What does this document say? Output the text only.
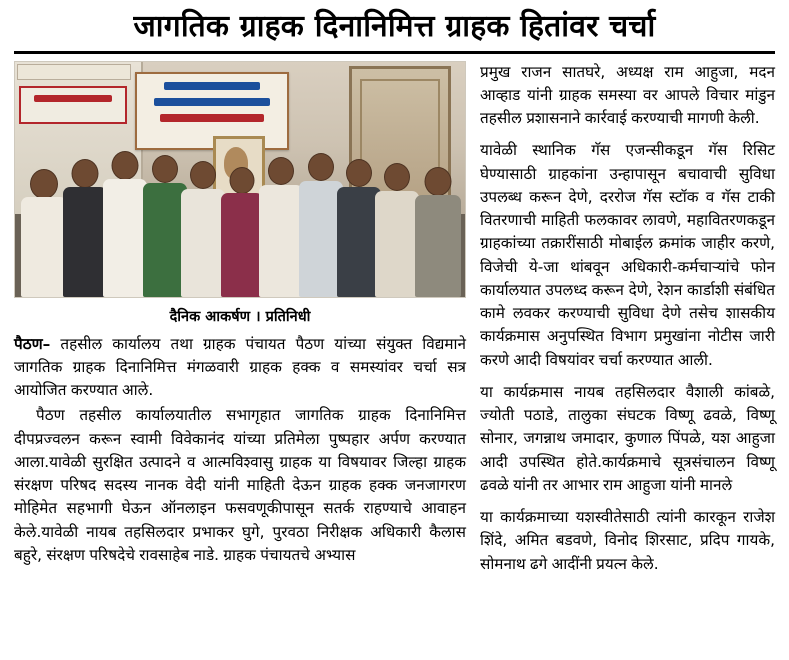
जागतिक ग्राहक दिनानिमित्त ग्राहक हितांवर चर्चा
दैनिक आकर्षण । प्रतिनिधी

पैठण– तहसील कार्यालय तथा ग्राहक पंचायत पैठण यांच्या संयुक्त विद्यमाने जागतिक ग्राहक दिनानिमित्त मंगळवारी ग्राहक हक्क व समस्यांवर चर्चा सत्र आयोजित करण्यात आले.

पैठण तहसील कार्यालयातील सभागृहात जागतिक ग्राहक दिनानिमित्त दीपप्रज्वलन करून स्वामी विवेकानंद यांच्या प्रतिमेला पुष्पहार अर्पण करण्यात आला.यावेळी सुरक्षित उत्पादने व आत्मविश्वासु ग्राहक या विषयावर जिल्हा ग्राहक संरक्षण परिषद सदस्य नानक वेदी यांनी माहिती देऊन ग्राहक हक्क जनजागरण मोहिमेत सहभागी घेऊन ऑनलाइन फसवणूकीपासून सतर्क राहण्याचे आवाहन केले.यावेळी नायब तहसिलदार प्रभाकर घुगे, पुरवठा निरीक्षक अधिकारी कैलास बहुरे, संरक्षण परिषदेचे रावसाहेब नाडे. ग्राहक पंचायतचे अभ्यास

प्रमुख राजन सातघरे, अध्यक्ष राम आहुजा, मदन आव्हाड यांनी ग्राहक समस्या वर आपले विचार मांडुन तहसील प्रशासनाने कार्रवाई करण्याची मागणी केली.

यावेळी स्थानिक गॅस एजन्सीकडून गॅस रिसिट घेण्यासाठी ग्राहकांना उन्हापासून बचावाची सुविधा उपलब्ध करून देणे, दररोज गॅस स्टॉक व गॅस टाकी वितरणाची माहिती फलकावर लावणे, महावितरणकडून ग्राहकांच्या तक्रारींसाठी मोबाईल क्रमांक जाहीर करणे, विजेची ये-जा थांबवून अधिकारी-कर्मचाऱ्यांचे फोन कार्यालयात उपलध्द करून देणे, रेशन कार्डाशी संबंधित कामे लवकर करण्याची सुविधा देणे तसेच शासकीय कार्यक्रमास अनुपस्थित विभाग प्रमुखांना नोटीस जारी करणे आदी विषयांवर चर्चा करण्यात आली.

या कार्यक्रमास नायब तहसिलदार वैशाली कांबळे, ज्योती पठाडे, तालुका संघटक विष्णू ढवळे, विष्णू सोनार, जगन्नाथ जमादार, कुणाल पिंपळे, यश आहुजा आदी उपस्थित होते.कार्यक्रमाचे सूत्रसंचालन विष्णू ढवळे यांनी तर आभार राम आहुजा यांनी मानले

या कार्यक्रमाच्या यशस्वीतेसाठी त्यांनी कारकून राजेश शिंदे, अमित बडवणे, विनोद शिरसाट, प्रदिप गायके, सोमनाथ ढगे आदींनी प्रयत्न केले.
